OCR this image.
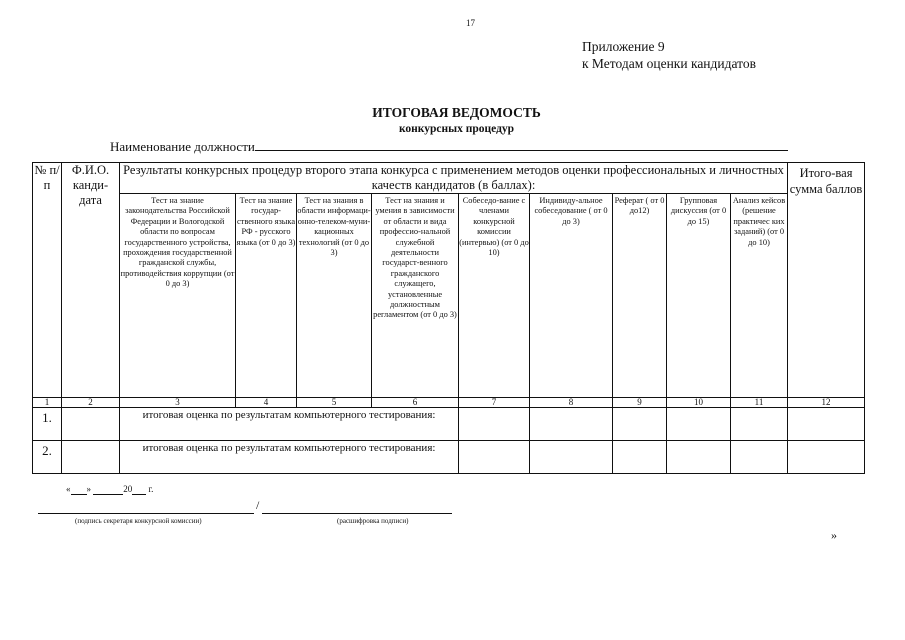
17
Приложение 9
к Методам оценки кандидатов
ИТОГОВАЯ ВЕДОМОСТЬ
конкурсных процедур
Наименование должности
№ п/п	Ф.И.О. канди-дата	Результаты конкурсных процедур второго этапа конкурса с применением методов оценки профессиональных и личностных качеств кандидатов (в баллах):									Итого-вая сумма баллов
		Тест на знание законодательства Российской Федерации и Вологодской области по вопросам государственного устройства, прохождения государственной гражданской службы, противодействия коррупции (от 0 до 3)	Тест на знание государ-ственного языка РФ - русского языка (от 0 до 3)	Тест на знания в области информаци-онно-телеком-муни-кационных технологий (от 0 до 3)	Тест на знания и умения в зависимости от области и вида профессио-нальной служебной деятельности государст-венного гражданского служащего, установленные должностным регламентом (от 0 до 3)	Собеседо-вание с членами конкурсной комиссии (интервью) (от 0 до 10)	Индивиду-альное собеседование ( от 0 до 3)	Реферат ( от 0 до12)	Групповая дискуссия (от 0 до 15)	Анализ кейсов (решение практичес ких заданий) (от 0 до 10)	
1	2	3	4	5	6	7	8	9	10	11	12
1.		итоговая оценка по результатам компьютерного тестирования:									
2.		итоговая оценка по результатам компьютерного тестирования:									
« »	20  г.
/
(подпись секретаря конкурсной комиссии)	(расшифровка подписи)
»
